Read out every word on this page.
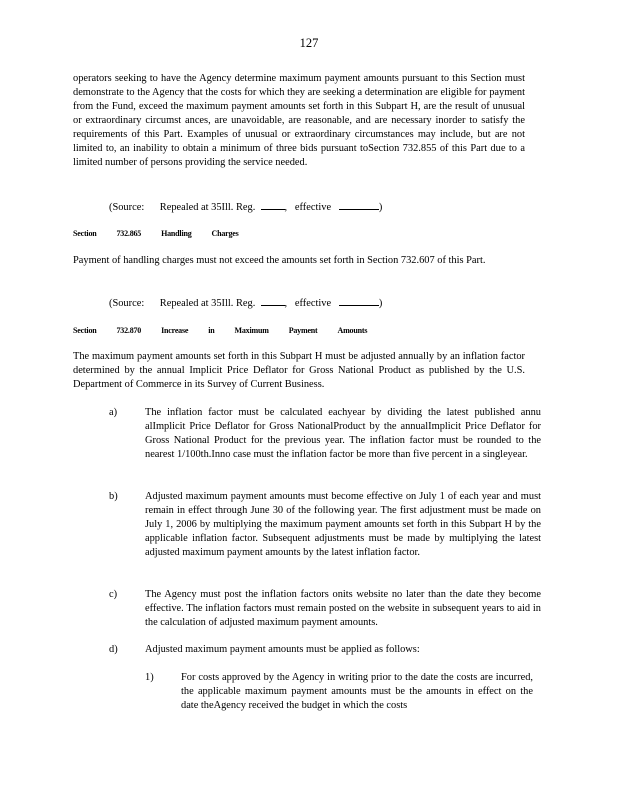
127
operators seeking to have the Agency determine maximum payment amounts pursuant to this Section must demonstrate to the Agency that the costs for which they are seeking a determination are eligible for payment from the Fund, exceed the maximum payment amounts set forth in this Subpart H, are the result of unusual or extraordinary circumst ances, are unavoidable, are reasonable, and are necessary inorder to satisfy the requirements of this Part. Examples of unusual or extraordinary circumstances may include, but are not limited to, an inability to obtain a minimum of three bids pursuant toSection 732.855 of this Part due to a limited number of persons providing the service needed.
(Source: Repealed at 35Ill. Reg.	, effective	)
Section	732.865	Handling	Charges
Payment of handling charges must not exceed the amounts set forth in Section 732.607 of this Part.
(Source: Repealed at 35Ill. Reg.	, effective	)
Section	732.870	Increase	in	Maximum	Payment	Amounts
The maximum payment amounts set forth in this Subpart H must be adjusted annually by an inflation factor determined by the annual Implicit Price Deflator for Gross National Product as published by the U.S. Department of Commerce in its Survey of Current Business.
a)	The inflation factor must be calculated eachyear by dividing the latest published annu alImplicit Price Deflator for Gross NationalProduct by the annualImplicit Price Deflator for Gross National Product for the previous year. The inflation factor must be rounded to the nearest 1/100th.Inno case must the inflation factor be more than five percent in a singleyear.
b)	Adjusted maximum payment amounts must become effective on July 1 of each year and must remain in effect through June 30 of the following year. The first adjustment must be made on July 1, 2006 by multiplying the maximum payment amounts set forth in this Subpart H by the applicable inflation factor. Subsequent adjustments must be made by multiplying the latest adjusted maximum payment amounts by the latest inflation factor.
c)	The Agency must post the inflation factors onits website no later than the date they become effective. The inflation factors must remain posted on the website in subsequent years to aid in the calculation of adjusted maximum payment amounts.
d)	Adjusted maximum payment amounts must be applied as follows:
1)	For costs approved by the Agency in writing prior to the date the costs are incurred, the applicable maximum payment amounts must be the amounts in effect on the date theAgency received the budget in which the costs
